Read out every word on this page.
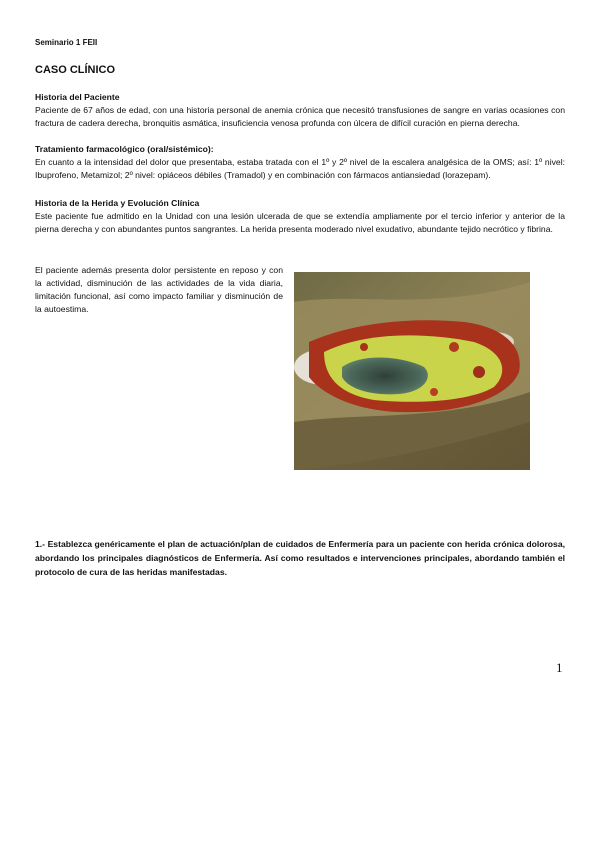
Seminario 1 FEII
CASO CLÍNICO
Historia del Paciente

Paciente de 67 años de edad, con una historia personal de anemia crónica que necesitó transfusiones de sangre en varias ocasiones con fractura de cadera derecha, bronquitis asmática, insuficiencia venosa profunda con úlcera de difícil curación en pierna derecha.

Tratamiento farmacológico (oral/sistémico):

En cuanto a la intensidad del dolor que presentaba, estaba tratada con el 1º y 2º nivel de la escalera analgésica de la OMS; así: 1º nivel: Ibuprofeno, Metamizol; 2º nivel: opiáceos débiles (Tramadol) y en combinación con fármacos antiansiedad (lorazepam).

Historia de la Herida y Evolución Clínica

Este paciente fue admitido en la Unidad con una lesión ulcerada de que se extendía ampliamente por el tercio inferior y anterior de la pierna derecha y con abundantes puntos sangrantes. La herida presenta moderado nivel exudativo, abundante tejido necrótico y fibrina.

El paciente además presenta dolor persistente en reposo y con la actividad, disminución de las actividades de la vida diaria, limitación funcional, así como impacto familiar y disminución de la autoestima.
1.- Establezca genéricamente el plan de actuación/plan de cuidados de Enfermería para un paciente con herida crónica dolorosa, abordando los principales diagnósticos de Enfermería. Así como resultados e intervenciones principales, abordando también el protocolo de cura de las heridas manifestadas.
1
